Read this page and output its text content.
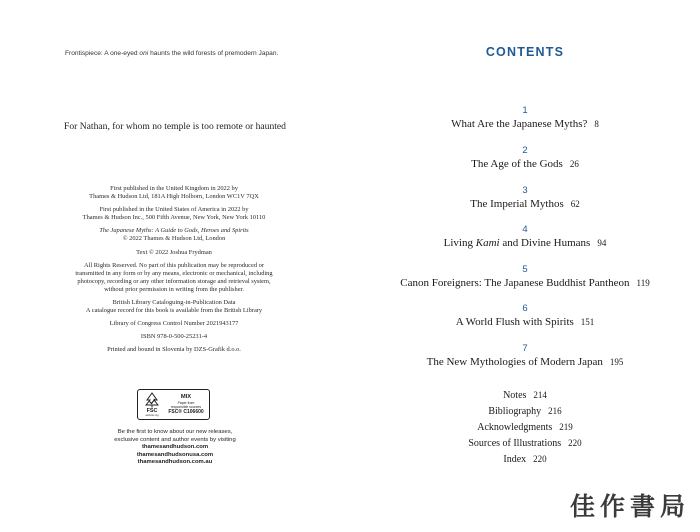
Frontispiece: A one-eyed oni haunts the wild forests of premodern Japan.
For Nathan, for whom no temple is too remote or haunted

First published in the United Kingdom in 2022 by
Thames & Hudson Ltd, 181A High Holborn, London WC1V 7QX

First published in the United States of America in 2022 by
Thames & Hudson Inc., 500 Fifth Avenue, New York, New York 10110

The Japanese Myths: A Guide to Gods, Heroes and Spirits
© 2022 Thames & Hudson Ltd, London

Text © 2022 Joshua Frydman

All Rights Reserved. No part of this publication may be reproduced or
transmitted in any form or by any means, electronic or mechanical, including
photocopy, recording or any other information storage and retrieval system,
without prior permission in writing from the publisher.

British Library Cataloguing-in-Publication Data
A catalogue record for this book is available from the British Library

Library of Congress Control Number 2021943177

ISBN 978-0-500-25231-4

Printed and bound in Slovenia by DZS-Grafik d.o.o.

FSC
www.fsc.org
MIX
Paper from
responsible sources
FSC® C106600
Be the first to know about our new releases,
exclusive content and author events by visiting
thamesandhudson.com
thamesandhudsonusa.com
thamesandhudson.com.au
CONTENTS
1
What Are the Japanese Myths? 8
2
The Age of the Gods 26
3
The Imperial Mythos 62
4
Living Kami and Divine Humans 94
5
Canon Foreigners: The Japanese Buddhist Pantheon 119
6
A World Flush with Spirits 151
7
The New Mythologies of Modern Japan 195
Notes 214
Bibliography 216
Acknowledgments 219
Sources of Illustrations 220
Index 220
佳作書局
